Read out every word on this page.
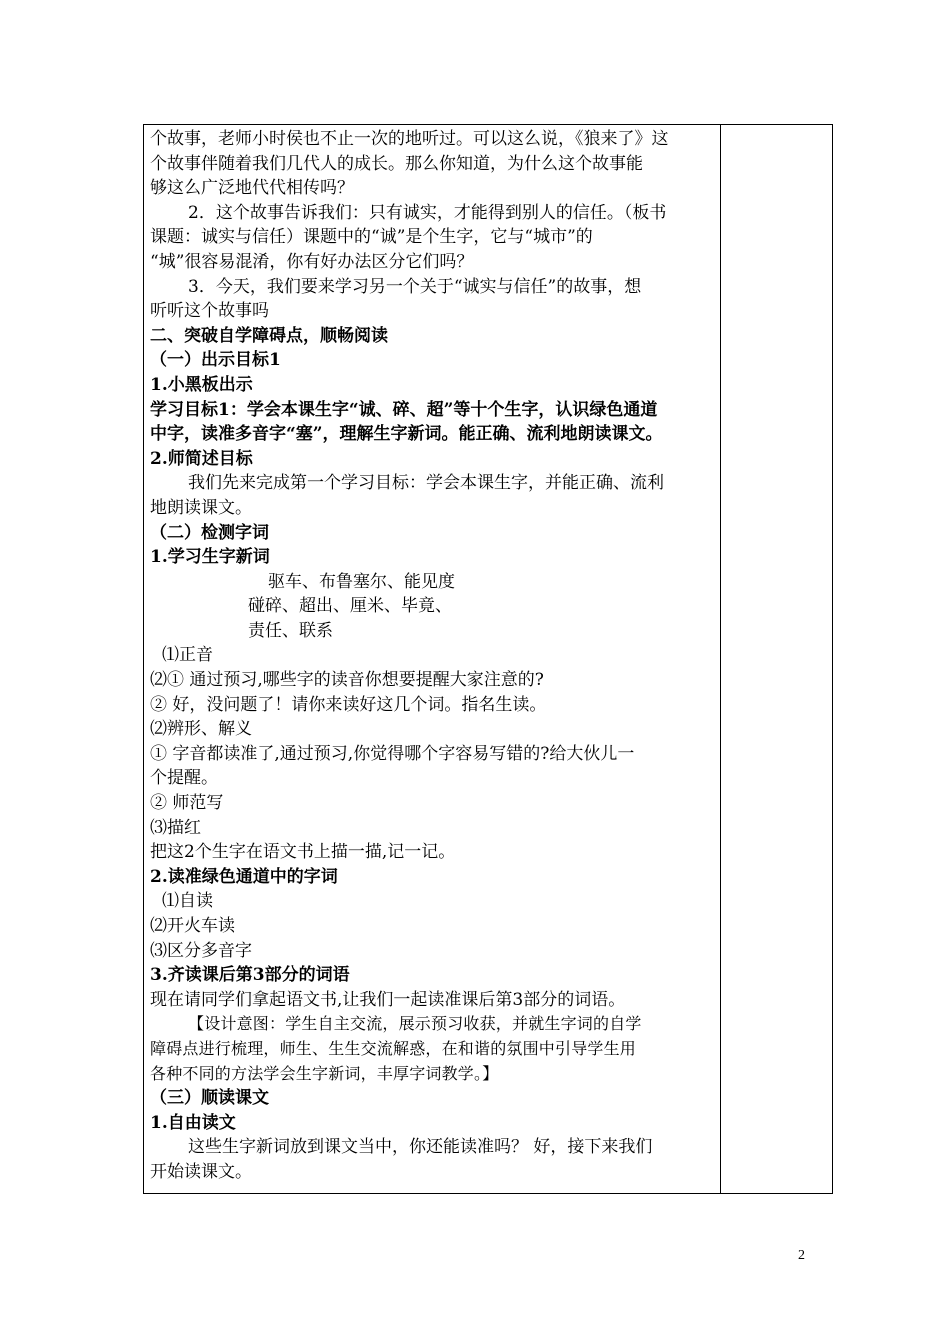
个故事，老师小时侯也不止一次的地听过。可以这么说，《狼来了》这
个故事伴随着我们几代人的成长。那么你知道，为什么这个故事能
够这么广泛地代代相传吗？
2．这个故事告诉我们：只有诚实，才能得到别人的信任。（板书
课题：诚实与信任）课题中的“诚”是个生字，它与“城市”的
“城”很容易混淆，你有好办法区分它们吗？
3．今天，我们要来学习另一个关于“诚实与信任”的故事，想
听听这个故事吗
二、突破自学障碍点，顺畅阅读
（一）出示目标1
1.小黑板出示
学习目标1：学会本课生字“诚、碎、超”等十个生字，认识绿色通道
中字，读准多音字“塞”，理解生字新词。能正确、流利地朗读课文。
2.师简述目标
我们先来完成第一个学习目标：学会本课生字，并能正确、流利
地朗读课文。
（二）检测字词
1.学习生字新词
驱车、布鲁塞尔、能见度
碰碎、超出、厘米、毕竟、
责任、联系
⑴正音
⑵① 通过预习,哪些字的读音你想要提醒大家注意的?
② 好，没问题了！请你来读好这几个词。指名生读。
⑵辨形、解义
① 字音都读准了,通过预习,你觉得哪个字容易写错的?给大伙儿一
个提醒。
② 师范写
⑶描红
把这2个生字在语文书上描一描,记一记。
2.读准绿色通道中的字词
⑴自读
⑵开火车读
⑶区分多音字
3.齐读课后第3部分的词语
现在请同学们拿起语文书,让我们一起读准课后第3部分的词语。
【设计意图：学生自主交流，展示预习收获，并就生字词的自学
障碍点进行梳理，师生、生生交流解惑，在和谐的氛围中引导学生用
各种不同的方法学会生字新词，丰厚字词教学。】
（三）顺读课文
1.自由读文
这些生字新词放到课文当中，你还能读准吗？ 好，接下来我们
开始读课文。
2
